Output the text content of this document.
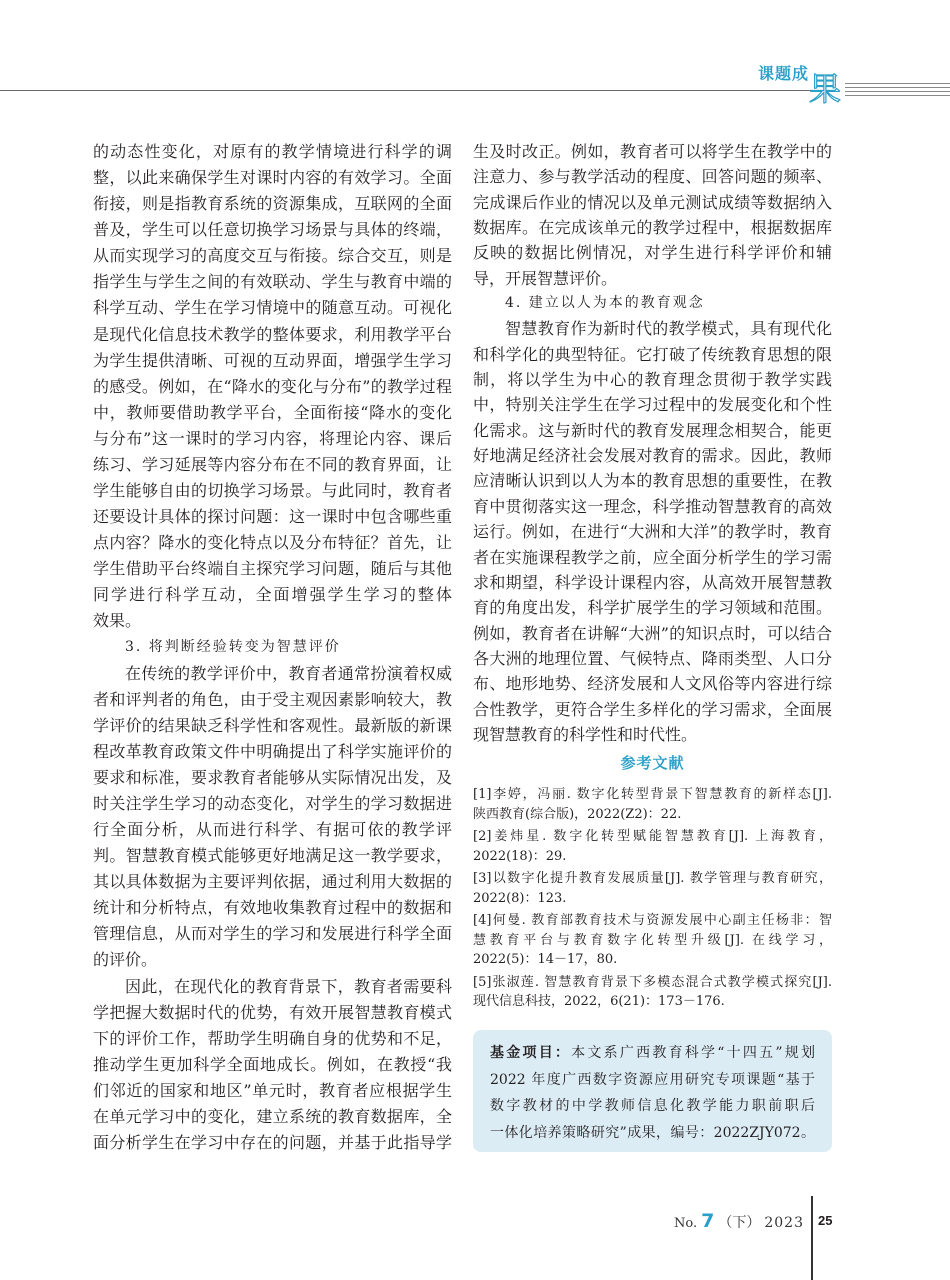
课题成 果
的动态性变化，对原有的教学情境进行科学的调
整，以此来确保学生对课时内容的有效学习。全面
衔接，则是指教育系统的资源集成，互联网的全面
普及，学生可以任意切换学习场景与具体的终端，
从而实现学习的高度交互与衔接。综合交互，则是
指学生与学生之间的有效联动、学生与教育中端的
科学互动、学生在学习情境中的随意互动。可视化
是现代化信息技术教学的整体要求，利用教学平台
为学生提供清晰、可视的互动界面，增强学生学习
的感受。例如，在“降水的变化与分布”的教学过程
中，教师要借助教学平台，全面衔接“降水的变化
与分布”这一课时的学习内容，将理论内容、课后
练习、学习延展等内容分布在不同的教育界面，让
学生能够自由的切换学习场景。与此同时，教育者
还要设计具体的探讨问题：这一课时中包含哪些重
点内容？降水的变化特点以及分布特征？首先，让
学生借助平台终端自主探究学习问题，随后与其他
同学进行科学互动，全面增强学生学习的整体
效果。
3. 将判断经验转变为智慧评价
在传统的教学评价中，教育者通常扮演着权威
者和评判者的角色，由于受主观因素影响较大，教
学评价的结果缺乏科学性和客观性。最新版的新课
程改革教育政策文件中明确提出了科学实施评价的
要求和标准，要求教育者能够从实际情况出发，及
时关注学生学习的动态变化，对学生的学习数据进
行全面分析，从而进行科学、有据可依的教学评
判。智慧教育模式能够更好地满足这一教学要求，
其以具体数据为主要评判依据，通过利用大数据的
统计和分析特点，有效地收集教育过程中的数据和
管理信息，从而对学生的学习和发展进行科学全面
的评价。
因此，在现代化的教育背景下，教育者需要科
学把握大数据时代的优势，有效开展智慧教育模式
下的评价工作，帮助学生明确自身的优势和不足，
推动学生更加科学全面地成长。例如，在教授“我
们邻近的国家和地区”单元时，教育者应根据学生
在单元学习中的变化，建立系统的教育数据库，全
面分析学生在学习中存在的问题，并基于此指导学
生及时改正。例如，教育者可以将学生在教学中的
注意力、参与教学活动的程度、回答问题的频率、
完成课后作业的情况以及单元测试成绩等数据纳入
数据库。在完成该单元的教学过程中，根据数据库
反映的数据比例情况，对学生进行科学评价和辅
导，开展智慧评价。
4. 建立以人为本的教育观念
智慧教育作为新时代的教学模式，具有现代化
和科学化的典型特征。它打破了传统教育思想的限
制，将以学生为中心的教育理念贯彻于教学实践
中，特别关注学生在学习过程中的发展变化和个性
化需求。这与新时代的教育发展理念相契合，能更
好地满足经济社会发展对教育的需求。因此，教师
应清晰认识到以人为本的教育思想的重要性，在教
育中贯彻落实这一理念，科学推动智慧教育的高效
运行。例如，在进行“大洲和大洋”的教学时，教育
者在实施课程教学之前，应全面分析学生的学习需
求和期望，科学设计课程内容，从高效开展智慧教
育的角度出发，科学扩展学生的学习领域和范围。
例如，教育者在讲解“大洲”的知识点时，可以结合
各大洲的地理位置、气候特点、降雨类型、人口分
布、地形地势、经济发展和人文风俗等内容进行综
合性教学，更符合学生多样化的学习需求，全面展
现智慧教育的科学性和时代性。
参考文献
[1]李婷，冯丽. 数字化转型背景下智慧教育的新样态[J].
陕西教育(综合版)，2022(Z2)：22.
[2]姜炜星. 数字化转型赋能智慧教育[J]. 上海教育，
2022(18)：29.
[3]以数字化提升教育发展质量[J]. 教学管理与教育研究，
2022(8)：123.
[4]何曼. 教育部教育技术与资源发展中心副主任杨非：智
慧教育平台与教育数字化转型升级[J]. 在线学习，
2022(5)：14－17，80.
[5]张淑莲. 智慧教育背景下多模态混合式教学模式探究[J].
现代信息科技，2022，6(21)：173－176.
基金项目：本文系广西教育科学“十四五”规划
2022 年度广西数字资源应用研究专项课题“基于
数字教材的中学教师信息化教学能力职前职后
一体化培养策略研究”成果，编号：2022ZJY072。
No. 7 （下） 2023 25
